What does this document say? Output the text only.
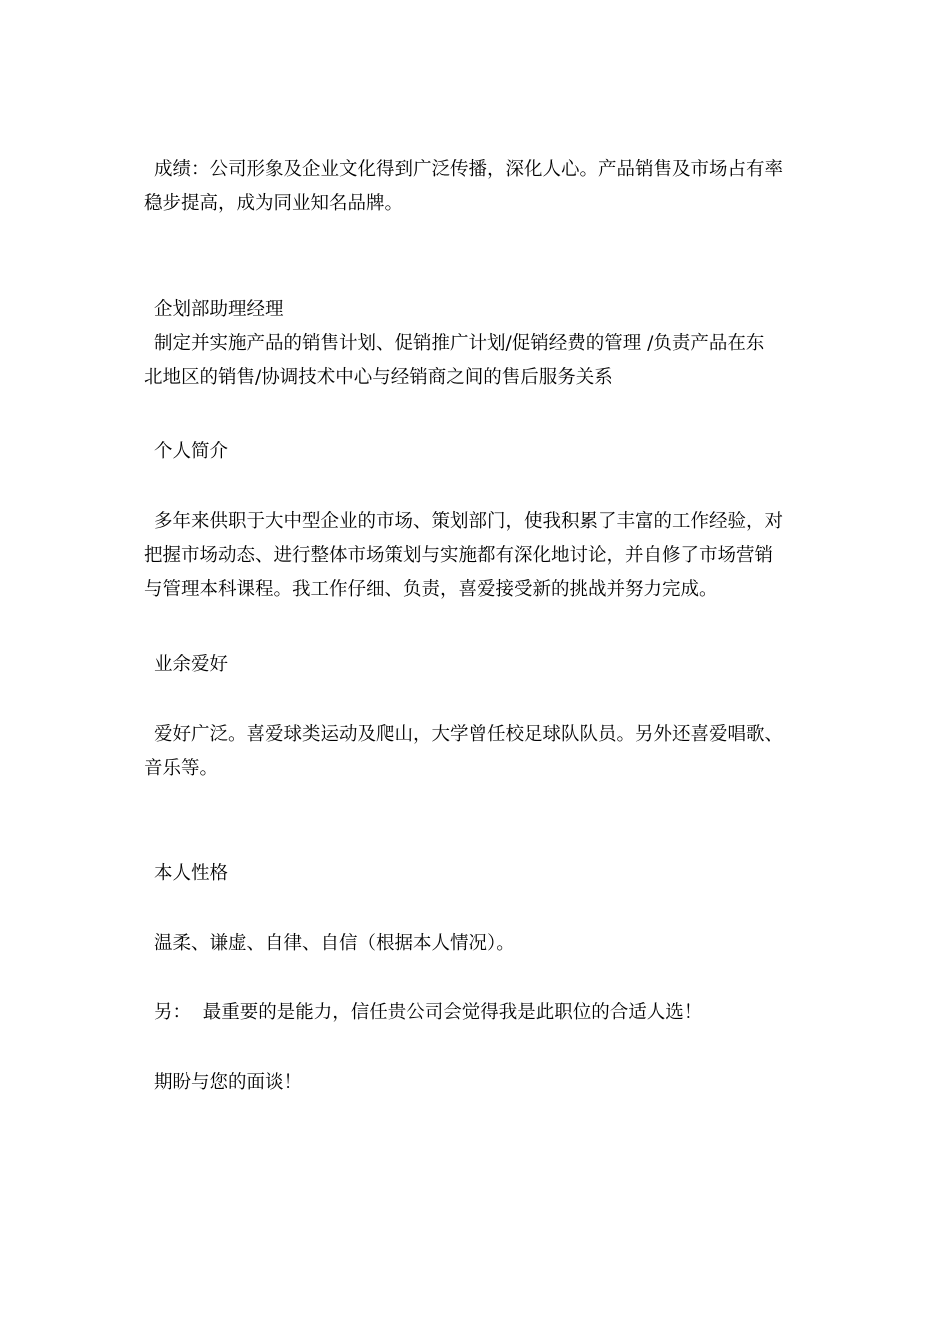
成绩：公司形象及企业文化得到广泛传播，深化人心。产品销售及市场占有率
稳步提高，成为同业知名品牌。

企划部助理经理

制定并实施产品的销售计划、促销推广计划/促销经费的管理 /负责产品在东
北地区的销售/协调技术中心与经销商之间的售后服务关系

个人简介

多年来供职于大中型企业的市场、策划部门，使我积累了丰富的工作经验，对
把握市场动态、进行整体市场策划与实施都有深化地讨论，并自修了市场营销
与管理本科课程。我工作仔细、负责，喜爱接受新的挑战并努力完成。

业余爱好

爱好广泛。喜爱球类运动及爬山，大学曾任校足球队队员。另外还喜爱唱歌、
音乐等。

本人性格

温柔、谦虚、自律、自信（根据本人情况）。

另：  最重要的是能力，信任贵公司会觉得我是此职位的合适人选！

期盼与您的面谈！
